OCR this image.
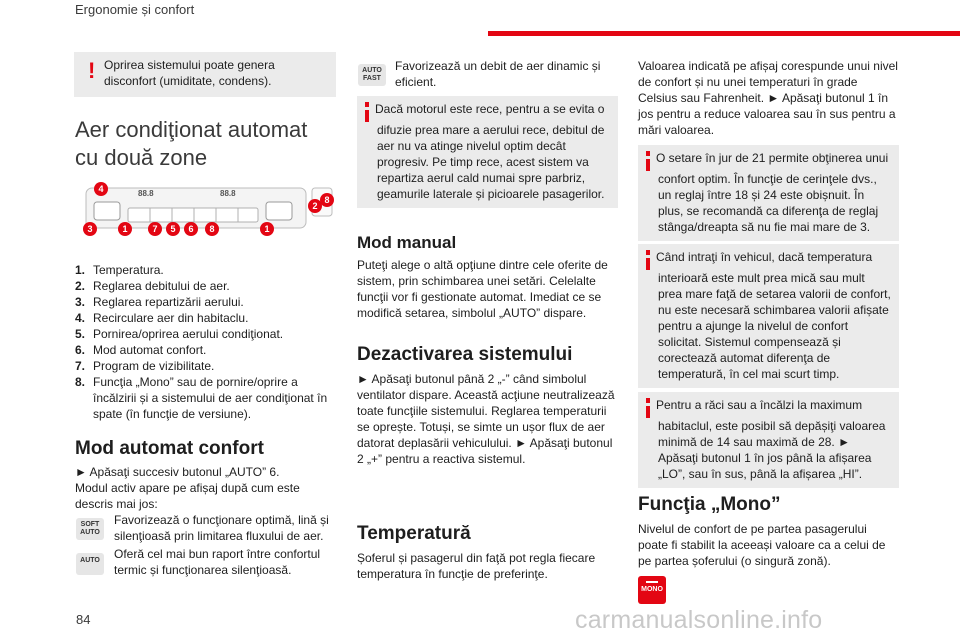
Ergonomie și confort
! Oprirea sistemului poate genera disconfort (umiditate, condens).
Aer condiţionat automat cu două zone
88.8	88.8
4
3	1	7	5	6	8	1
2
8
1. Temperatura.
2. Reglarea debitului de aer.
3. Reglarea repartizării aerului.
4. Recirculare aer din habitaclu.
5. Pornirea/oprirea aerului condiţionat.
6. Mod automat confort.
7. Program de vizibilitate.
8. Funcţia „Mono” sau de pornire/oprire a încălzirii și a sistemului de aer condiţionat în spate (în funcţie de versiune).
Mod automat confort
► Apăsaţi succesiv butonul „AUTO” 6.
Modul activ apare pe afișaj după cum este descris mai jos:
SOFT AUTO
Favorizează o funcţionare optimă, lină și silenţioasă prin limitarea fluxului de aer.
AUTO	Oferă cel mai bun raport între confortul termic și funcţionarea silenţioasă.
AUTO FAST
Favorizează un debit de aer dinamic și eficient.
Dacă motorul este rece, pentru a se evita o difuzie prea mare a aerului rece, debitul de aer nu va atinge nivelul optim decât progresiv. Pe timp rece, acest sistem va repartiza aerul cald numai spre parbriz, geamurile laterale și picioarele pasagerilor.
Mod manual
Puteţi alege o altă opţiune dintre cele oferite de sistem, prin schimbarea unei setări. Celelalte funcţii vor fi gestionate automat. Imediat ce se modifică setarea, simbolul „AUTO” dispare.
Dezactivarea sistemului
► Apăsaţi butonul până 2 „-” când simbolul ventilator dispare. Această acţiune neutralizează toate funcţiile sistemului. Reglarea temperaturii se oprește. Totuși, se simte un ușor flux de aer datorat deplasării vehiculului. ► Apăsaţi butonul 2 „+” pentru a reactiva sistemul.
Temperatură
Șoferul și pasagerul din faţă pot regla fiecare temperatura în funcţie de preferinţe.
Valoarea indicată pe afișaj corespunde unui nivel de confort și nu unei temperaturi în grade Celsius sau Fahrenheit. ► Apăsaţi butonul 1 în jos pentru a reduce valoarea sau în sus pentru a mări valoarea.
O setare în jur de 21 permite obţinerea unui confort optim. În funcţie de cerinţele dvs., un reglaj între 18 și 24 este obișnuit. În plus, se recomandă ca diferenţa de reglaj stânga/dreapta să nu fie mai mare de 3.
Când intraţi în vehicul, dacă temperatura interioară este mult prea mică sau mult prea mare faţă de setarea valorii de confort, nu este necesară schimbarea valorii afișate pentru a ajunge la nivelul de confort solicitat. Sistemul compensează și corectează automat diferenţa de temperatură, în cel mai scurt timp.
Pentru a răci sau a încălzi la maximum habitaclul, este posibil să depășiţi valoarea minimă de 14 sau maximă de 28. ► Apăsaţi butonul 1 în jos până la afișarea „LO”, sau în sus, până la afișarea „HI”.
Funcţia „Mono”
Nivelul de confort de pe partea pasagerului poate fi stabilit la aceeași valoare ca a celui de pe partea șoferului (o singură zonă).
MONO
84	carmanualsonline.info
